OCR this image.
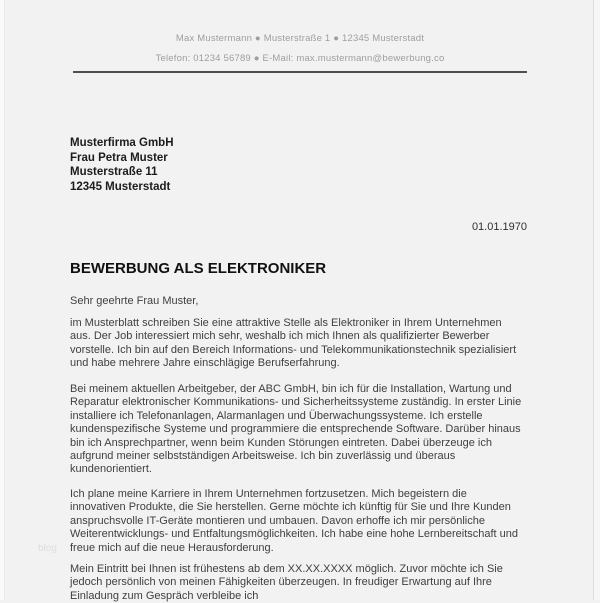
Max Mustermann ● Musterstraße 1 ● 12345 Musterstadt
Telefon: 01234 56789 ● E-Mail: max.mustermann@bewerbung.co
Musterfirma GmbH
Frau Petra Muster
Musterstraße 11
12345 Musterstadt
01.01.1970
BEWERBUNG ALS ELEKTRONIKER
Sehr geehrte Frau Muster,
im Musterblatt schreiben Sie eine attraktive Stelle als Elektroniker in Ihrem Unternehmen
aus. Der Job interessiert mich sehr, weshalb ich mich Ihnen als qualifizierter Bewerber
vorstelle. Ich bin auf den Bereich Informations- und Telekommunikationstechnik spezialisiert
und habe mehrere Jahre einschlägige Berufserfahrung.
Bei meinem aktuellen Arbeitgeber, der ABC GmbH, bin ich für die Installation, Wartung und
Reparatur elektronischer Kommunikations- und Sicherheitssysteme zuständig. In erster Linie
installiere ich Telefonanlagen, Alarmanlagen und Überwachungssysteme. Ich erstelle
kundenspezifische Systeme und programmiere die entsprechende Software. Darüber hinaus
bin ich Ansprechpartner, wenn beim Kunden Störungen eintreten. Dabei überzeuge ich
aufgrund meiner selbstständigen Arbeitsweise. Ich bin zuverlässig und überaus
kundenorientiert.
Ich plane meine Karriere in Ihrem Unternehmen fortzusetzen. Mich begeistern die
innovativen Produkte, die Sie herstellen. Gerne möchte ich künftig für Sie und Ihre Kunden
anspruchsvolle IT-Geräte montieren und umbauen. Davon erhoffe ich mir persönliche
Weiterentwicklungs- und Entfaltungsmöglichkeiten. Ich habe eine hohe Lernbereitschaft und
freue mich auf die neue Herausforderung.
Mein Eintritt bei Ihnen ist frühestens ab dem XX.XX.XXXX möglich. Zuvor möchte ich Sie
jedoch persönlich von meinen Fähigkeiten überzeugen. In freudiger Erwartung auf Ihre
Einladung zum Gespräch verbleibe ich
blog
